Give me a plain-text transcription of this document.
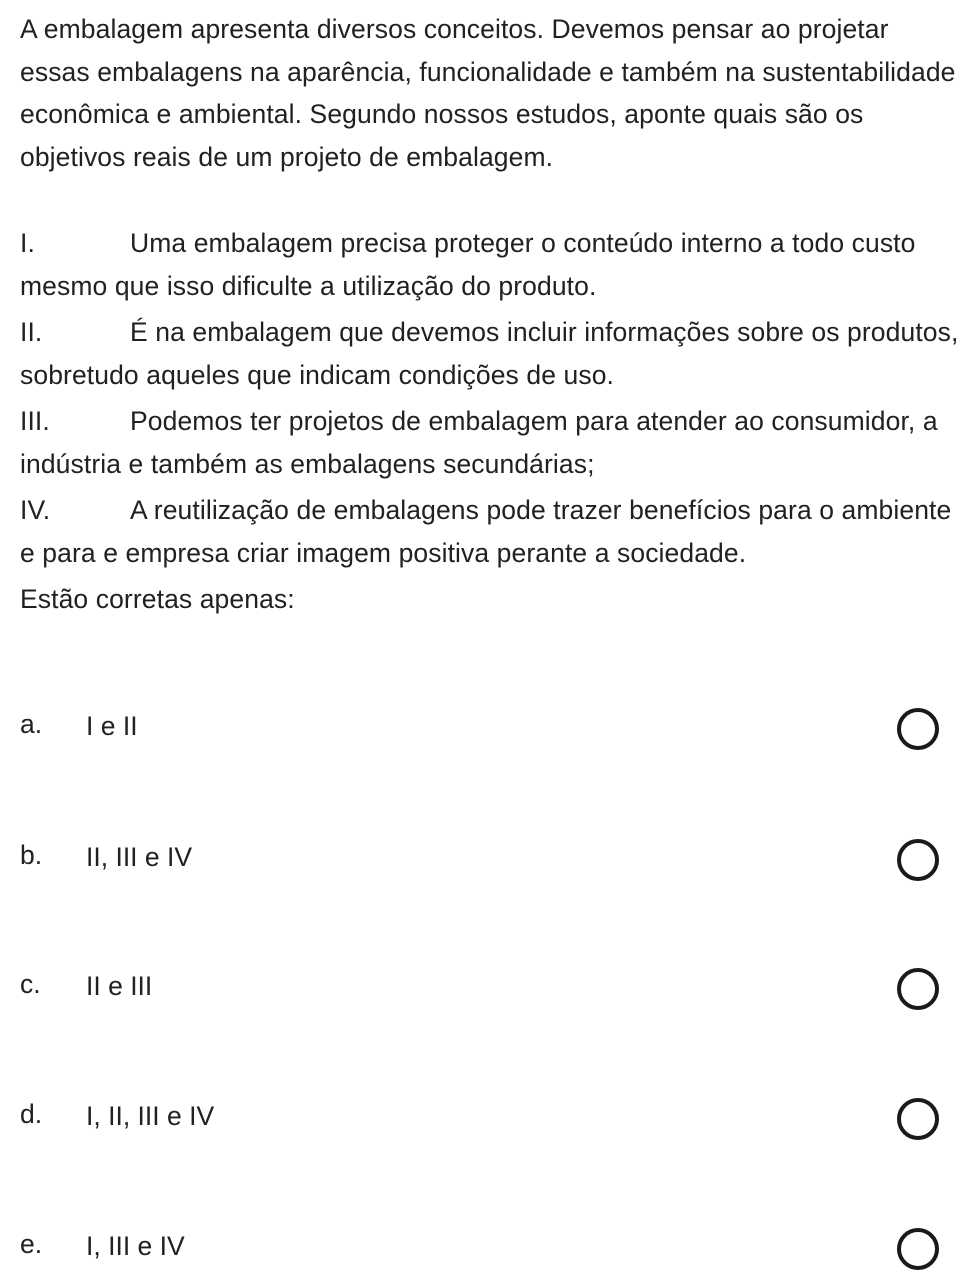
A embalagem apresenta diversos conceitos. Devemos pensar ao projetar essas embalagens na aparência, funcionalidade e também na sustentabilidade econômica e ambiental. Segundo nossos estudos, aponte quais são os objetivos reais de um projeto de embalagem.

I.	Uma embalagem precisa proteger o conteúdo interno a todo custo mesmo que isso dificulte a utilização do produto.

II.	É na embalagem que devemos incluir informações sobre os produtos, sobretudo aqueles que indicam condições de uso.

III.	Podemos ter projetos de embalagem para atender ao consumidor, a indústria e também as embalagens secundárias;

IV.	A reutilização de embalagens pode trazer benefícios para o ambiente e para e empresa criar imagem positiva perante a sociedade.

Estão corretas apenas:

a. I e II
b. II, III e IV
c. II e III
d. I, II, III e IV
e. I, III e IV
